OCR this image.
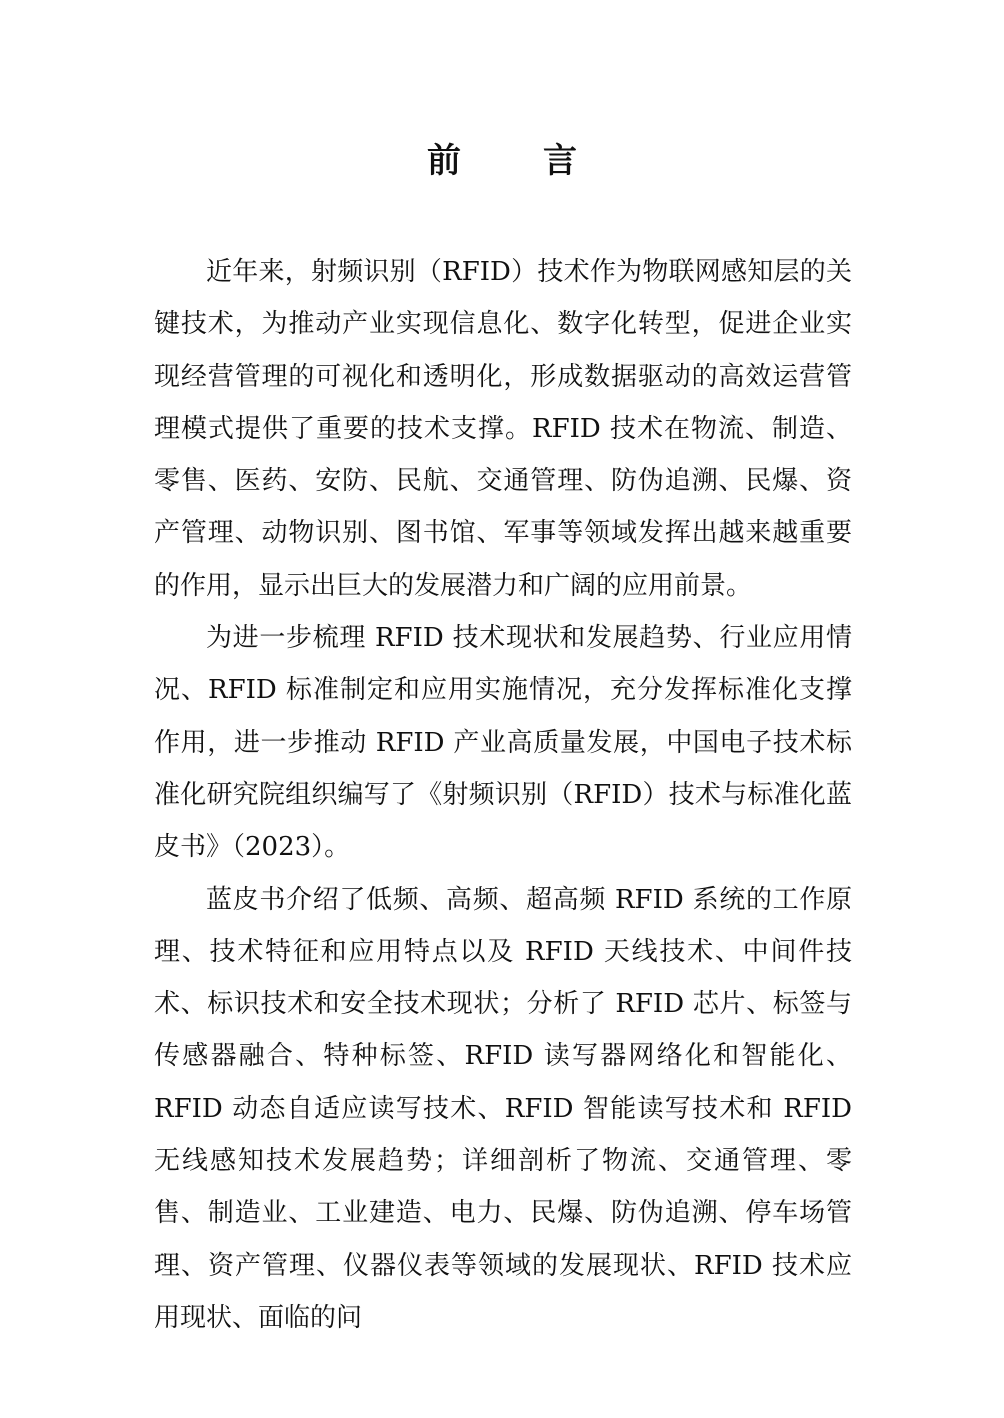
前 言

近年来，射频识别（RFID）技术作为物联网感知层的关键技术，为推动产业实现信息化、数字化转型，促进企业实现经营管理的可视化和透明化，形成数据驱动的高效运营管理模式提供了重要的技术支撑。RFID 技术在物流、制造、零售、医药、安防、民航、交通管理、防伪追溯、民爆、资产管理、动物识别、图书馆、军事等领域发挥出越来越重要的作用，显示出巨大的发展潜力和广阔的应用前景。

为进一步梳理 RFID 技术现状和发展趋势、行业应用情况、RFID 标准制定和应用实施情况，充分发挥标准化支撑作用，进一步推动 RFID 产业高质量发展，中国电子技术标准化研究院组织编写了《射频识别（RFID）技术与标准化蓝皮书》（2023）。

蓝皮书介绍了低频、高频、超高频 RFID 系统的工作原理、技术特征和应用特点以及 RFID 天线技术、中间件技术、标识技术和安全技术现状；分析了 RFID 芯片、标签与传感器融合、特种标签、RFID 读写器网络化和智能化、RFID 动态自适应读写技术、RFID 智能读写技术和 RFID 无线感知技术发展趋势；详细剖析了物流、交通管理、零售、制造业、工业建造、电力、民爆、防伪追溯、停车场管理、资产管理、仪器仪表等领域的发展现状、RFID 技术应用现状、面临的问
